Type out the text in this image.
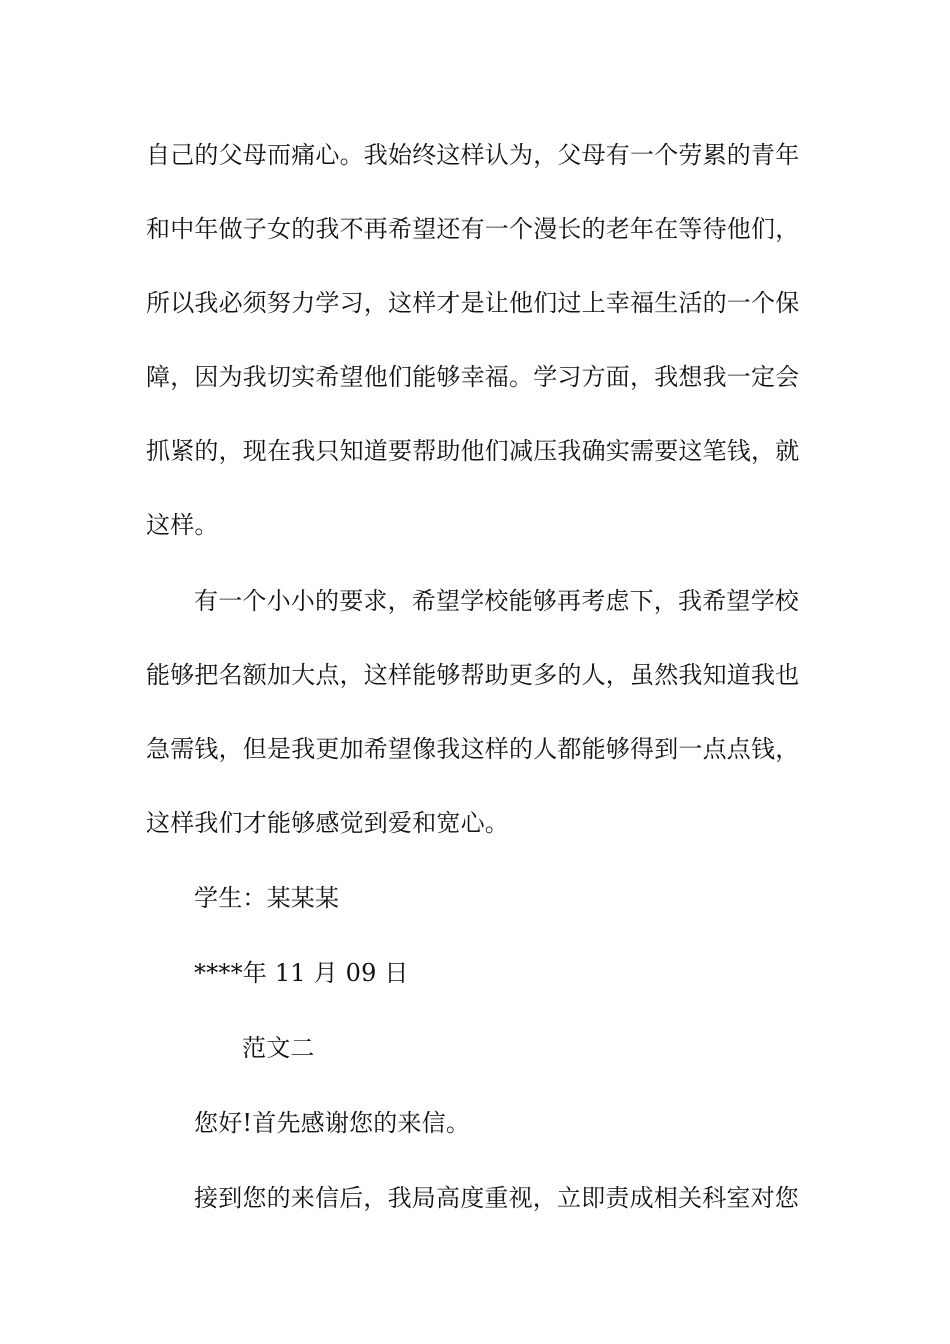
自己的父母而痛心。我始终这样认为，父母有一个劳累的青年
和中年做子女的我不再希望还有一个漫长的老年在等待他们，
所以我必须努力学习，这样才是让他们过上幸福生活的一个保
障，因为我切实希望他们能够幸福。学习方面，我想我一定会
抓紧的，现在我只知道要帮助他们减压我确实需要这笔钱，就
这样。
有一个小小的要求，希望学校能够再考虑下，我希望学校
能够把名额加大点，这样能够帮助更多的人，虽然我知道我也
急需钱，但是我更加希望像我这样的人都能够得到一点点钱，
这样我们才能够感觉到爱和宽心。
学生：某某某
****年 11 月 09 日
范文二
您好!首先感谢您的来信。
接到您的来信后，我局高度重视，立即责成相关科室对您
